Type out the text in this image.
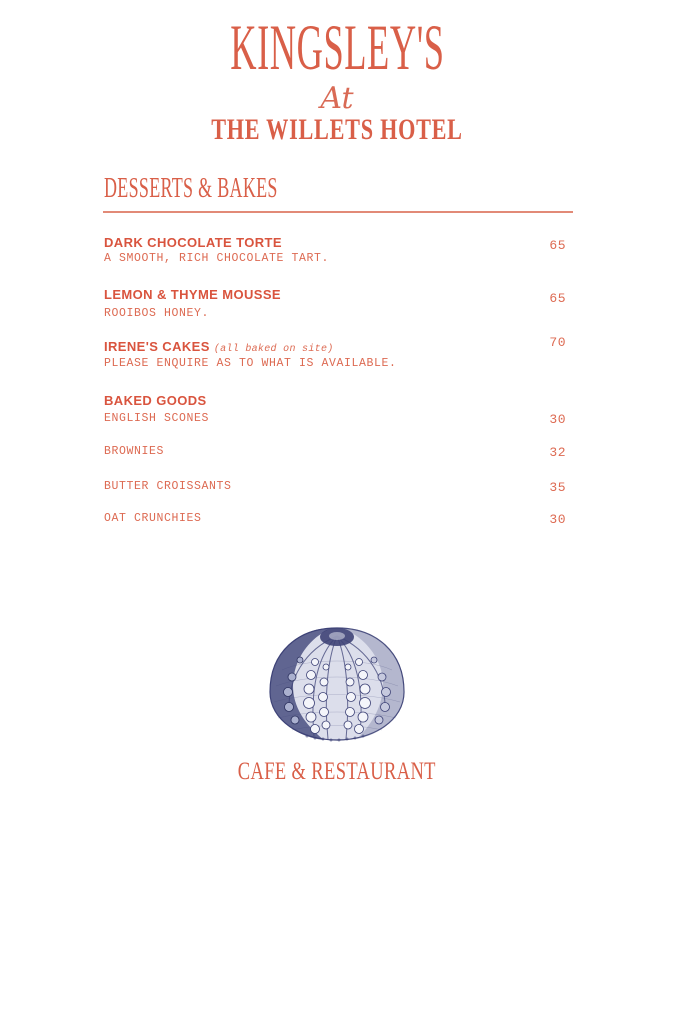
KINGSLEY'S
At
THE WILLETS HOTEL
DESSERTS & BAKES
DARK CHOCOLATE TORTE
A SMOOTH, RICH CHOCOLATE TART.
65
LEMON & THYME MOUSSE
ROOIBOS HONEY.
65
IRENE'S CAKES (all baked on site)
PLEASE ENQUIRE AS TO WHAT IS AVAILABLE.
70
BAKED GOODS
ENGLISH SCONES	30
BROWNIES	32
BUTTER CROISSANTS	35
OAT CRUNCHIES	30
CAFE & RESTAURANT
